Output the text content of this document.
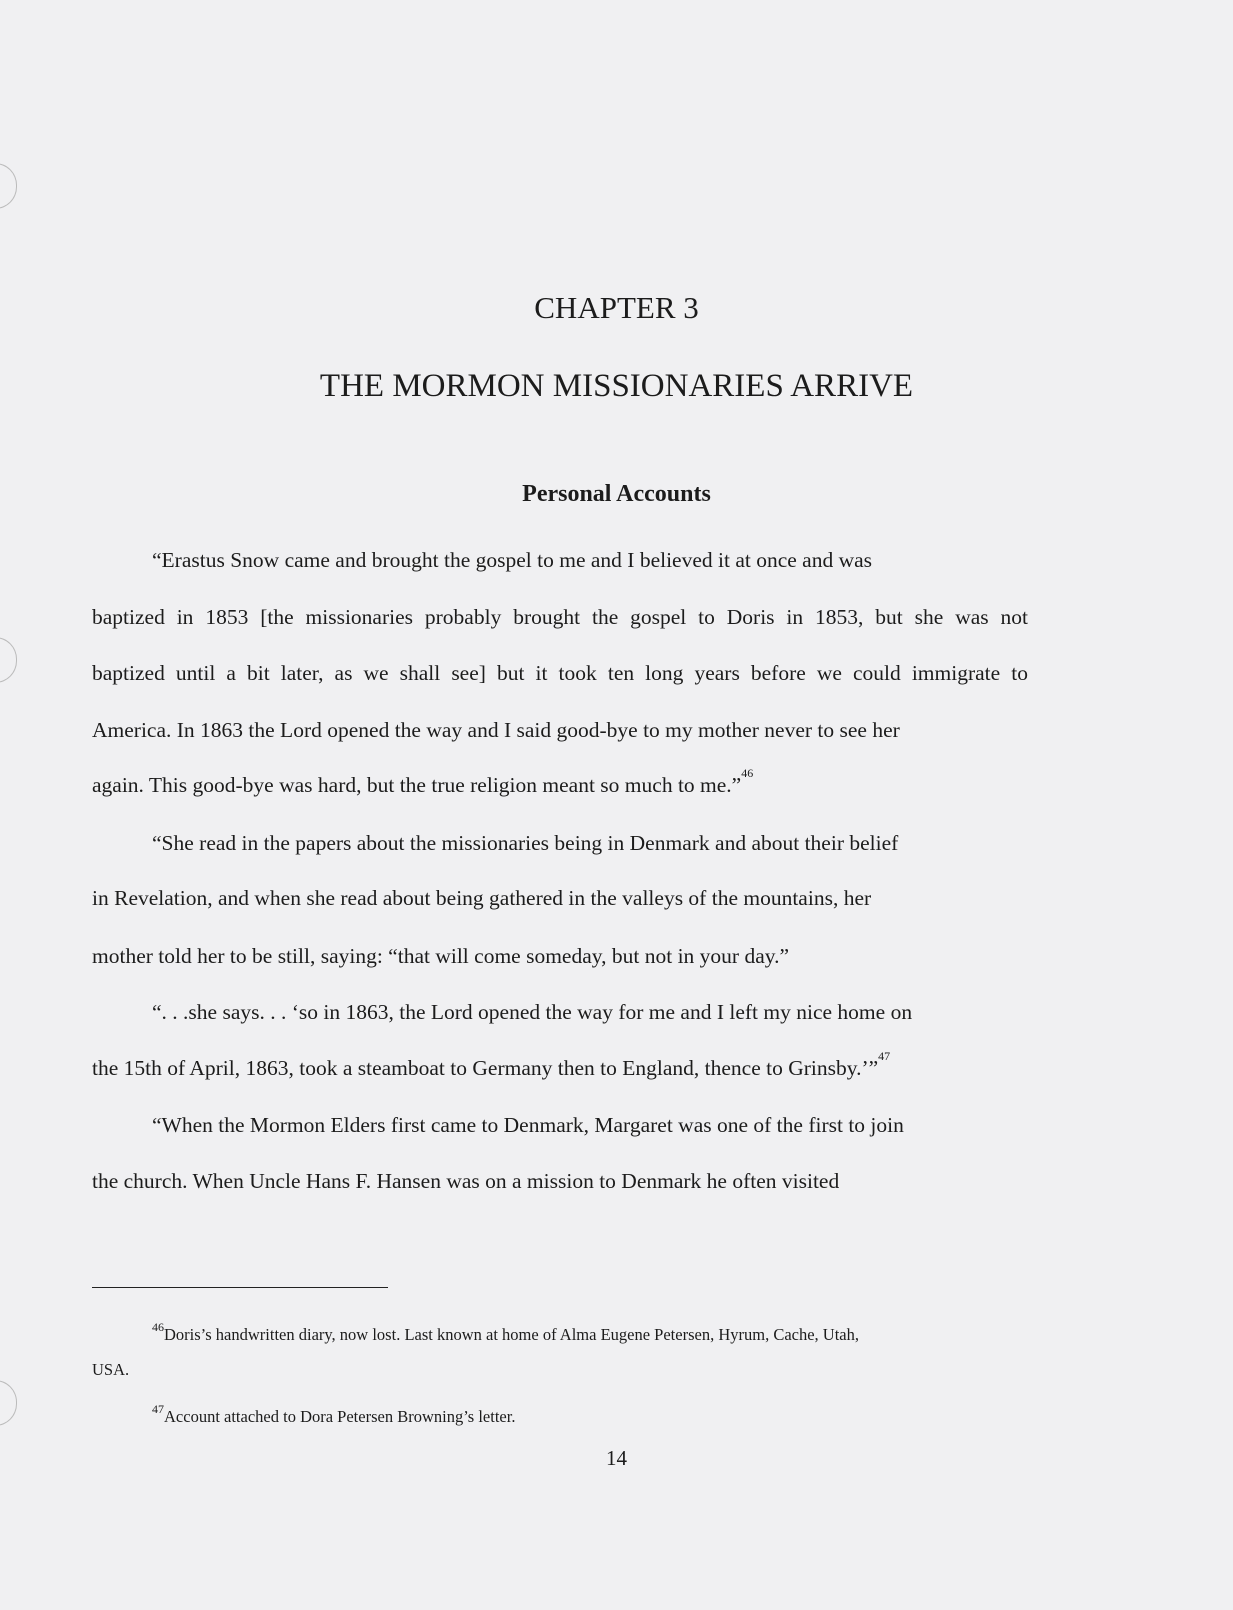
CHAPTER 3
THE MORMON MISSIONARIES ARRIVE
Personal Accounts
“Erastus Snow came and brought the gospel to me and I believed it at once and was
baptized in 1853 [the missionaries probably brought the gospel to Doris in 1853, but she was not
baptized until a bit later, as we shall see] but it took ten long years before we could immigrate to
America. In 1863 the Lord opened the way and I said good-bye to my mother never to see her
again. This good-bye was hard, but the true religion meant so much to me.”$^{46}$
“She read in the papers about the missionaries being in Denmark and about their belief
in Revelation, and when she read about being gathered in the valleys of the mountains, her
mother told her to be still, saying: “that will come someday, but not in your day.”
“. . .she says. . . ‘so in 1863, the Lord opened the way for me and I left my nice home on
the 15th of April, 1863, took a steamboat to Germany then to England, thence to Grinsby.’”$^{47}$
“When the Mormon Elders first came to Denmark, Margaret was one of the first to join
the church. When Uncle Hans F. Hansen was on a mission to Denmark he often visited
$^{46}$Doris’s handwritten diary, now lost. Last known at home of Alma Eugene Petersen, Hyrum, Cache, Utah,
USA.
$^{47}$Account attached to Dora Petersen Browning’s letter.
14
